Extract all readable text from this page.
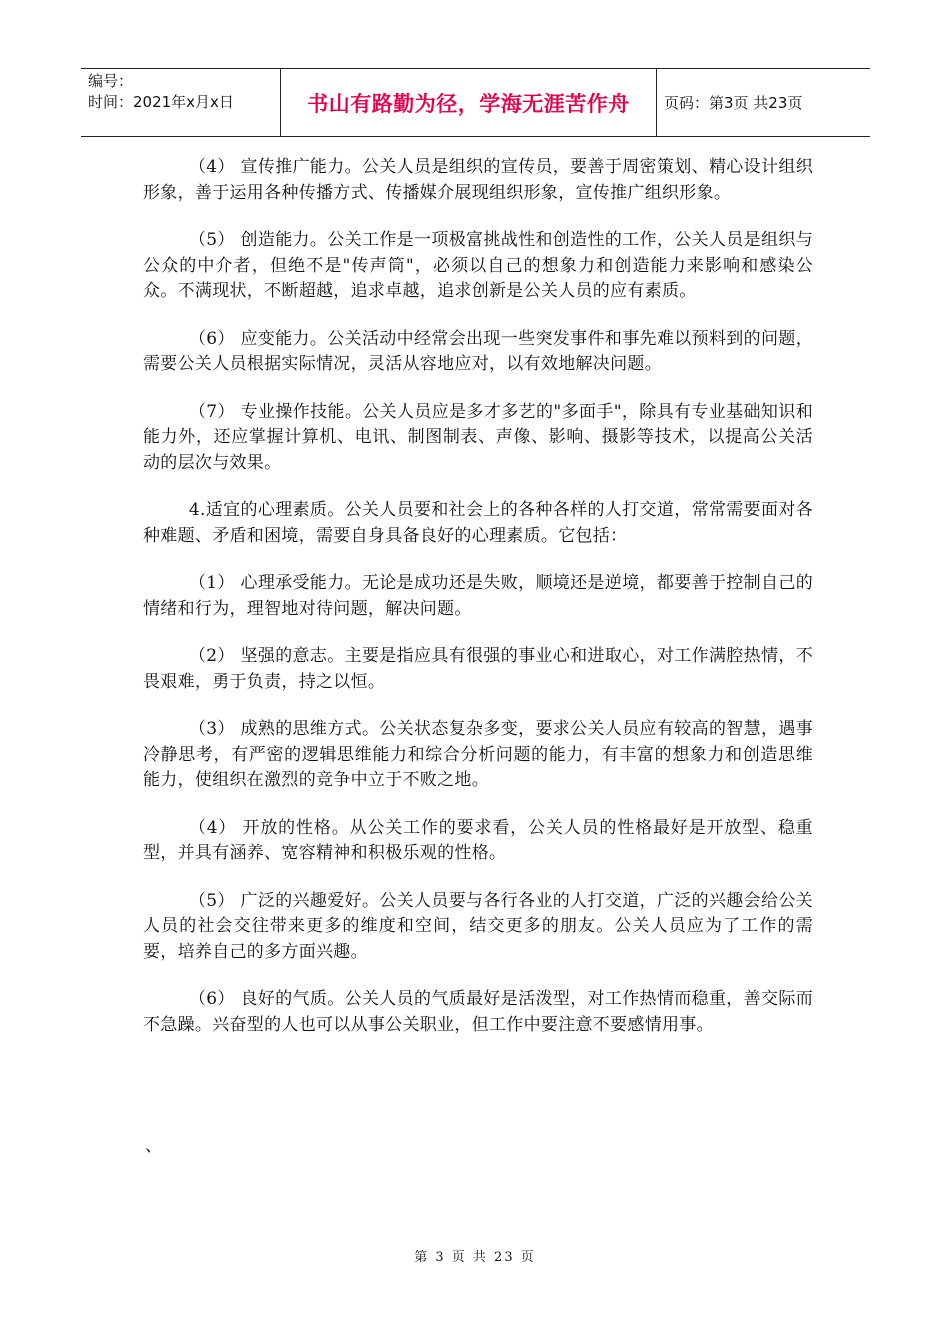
编号：
时间：2021年x月x日	书山有路勤为径，学海无涯苦作舟	页码：第3页 共23页

（4） 宣传推广能力。公关人员是组织的宣传员，要善于周密策划、精心设计组织形象，善于运用各种传播方式、传播媒介展现组织形象，宣传推广组织形象。

（5） 创造能力。公关工作是一项极富挑战性和创造性的工作，公关人员是组织与公众的中介者，但绝不是"传声筒"，必须以自己的想象力和创造能力来影响和感染公众。不满现状，不断超越，追求卓越，追求创新是公关人员的应有素质。

（6） 应变能力。公关活动中经常会出现一些突发事件和事先难以预料到的问题，需要公关人员根据实际情况，灵活从容地应对，以有效地解决问题。

（7） 专业操作技能。公关人员应是多才多艺的"多面手"，除具有专业基础知识和能力外，还应掌握计算机、电讯、制图制表、声像、影响、摄影等技术，以提高公关活动的层次与效果。

4.适宜的心理素质。公关人员要和社会上的各种各样的人打交道，常常需要面对各种难题、矛盾和困境，需要自身具备良好的心理素质。它包括：

（1） 心理承受能力。无论是成功还是失败，顺境还是逆境，都要善于控制自己的情绪和行为，理智地对待问题，解决问题。

（2） 坚强的意志。主要是指应具有很强的事业心和进取心，对工作满腔热情，不畏艰难，勇于负责，持之以恒。

（3） 成熟的思维方式。公关状态复杂多变，要求公关人员应有较高的智慧，遇事冷静思考，有严密的逻辑思维能力和综合分析问题的能力，有丰富的想象力和创造思维能力，使组织在激烈的竞争中立于不败之地。

（4） 开放的性格。从公关工作的要求看，公关人员的性格最好是开放型、稳重型，并具有涵养、宽容精神和积极乐观的性格。

（5） 广泛的兴趣爱好。公关人员要与各行各业的人打交道，广泛的兴趣会给公关人员的社会交往带来更多的维度和空间，结交更多的朋友。公关人员应为了工作的需要，培养自己的多方面兴趣。

（6） 良好的气质。公关人员的气质最好是活泼型，对工作热情而稳重，善交际而不急躁。兴奋型的人也可以从事公关职业，但工作中要注意不要感情用事。

、
第 3 页 共 23 页
